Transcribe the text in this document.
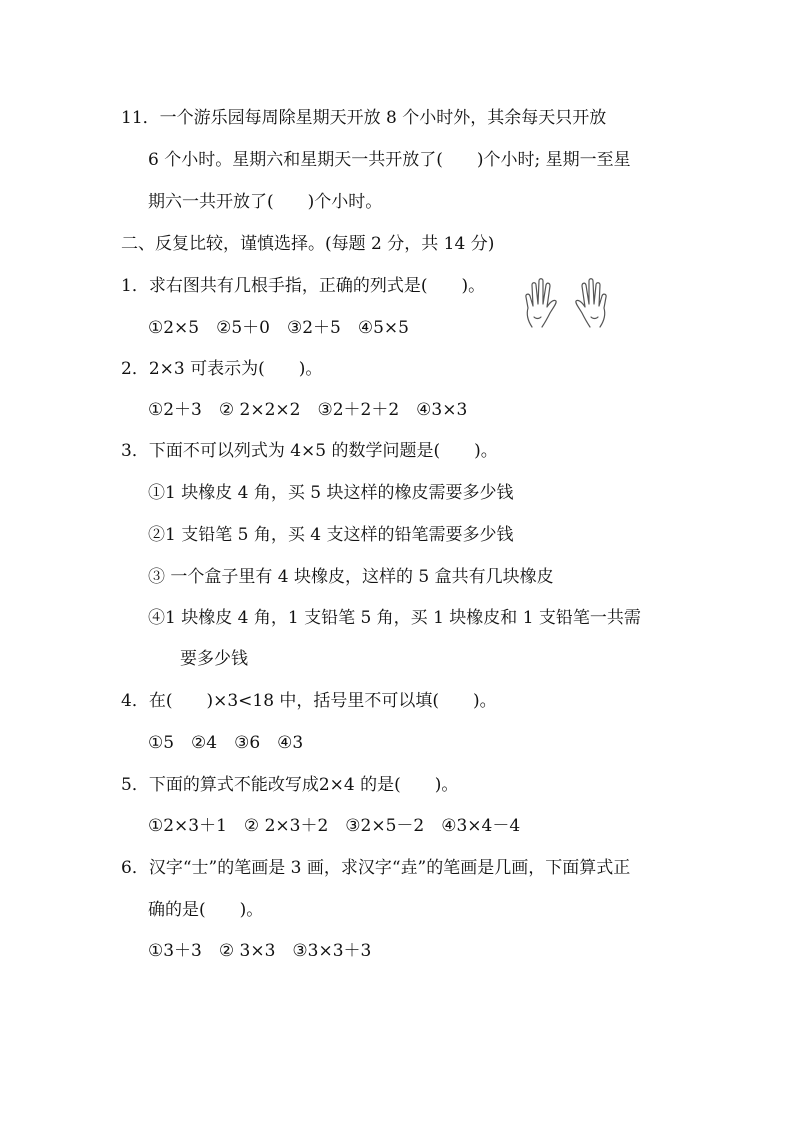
11．一个游乐园每周除星期天开放 8 个小时外，其余每天只开放
6 个小时。星期六和星期天一共开放了(　　)个小时; 星期一至星
期六一共开放了(　　)个小时。
二、反复比较，谨慎选择。(每题 2 分，共 14 分)
1．求右图共有几根手指，正确的列式是(　　)。
①2×5　②5＋0　③2＋5　④5×5
2．2×3 可表示为(　　)。
①2＋3　② 2×2×2　③2＋2＋2　④3×3
3．下面不可以列式为 4×5 的数学问题是(　　)。
①1 块橡皮 4 角，买 5 块这样的橡皮需要多少钱
②1 支铅笔 5 角，买 4 支这样的铅笔需要多少钱
③ 一个盒子里有 4 块橡皮，这样的 5 盒共有几块橡皮
④1 块橡皮 4 角，1 支铅笔 5 角，买 1 块橡皮和 1 支铅笔一共需
要多少钱
4．在(　　)×3<18 中，括号里不可以填(　　)。
①5　②4　③6　④3
5．下面的算式不能改写成2×4 的是(　　)。
①2×3＋1　② 2×3＋2　③2×5－2　④3×4－4
6．汉字“士”的笔画是 3 画，求汉字“垚”的笔画是几画，下面算式正
确的是(　　)。
①3＋3　② 3×3　③3×3＋3
